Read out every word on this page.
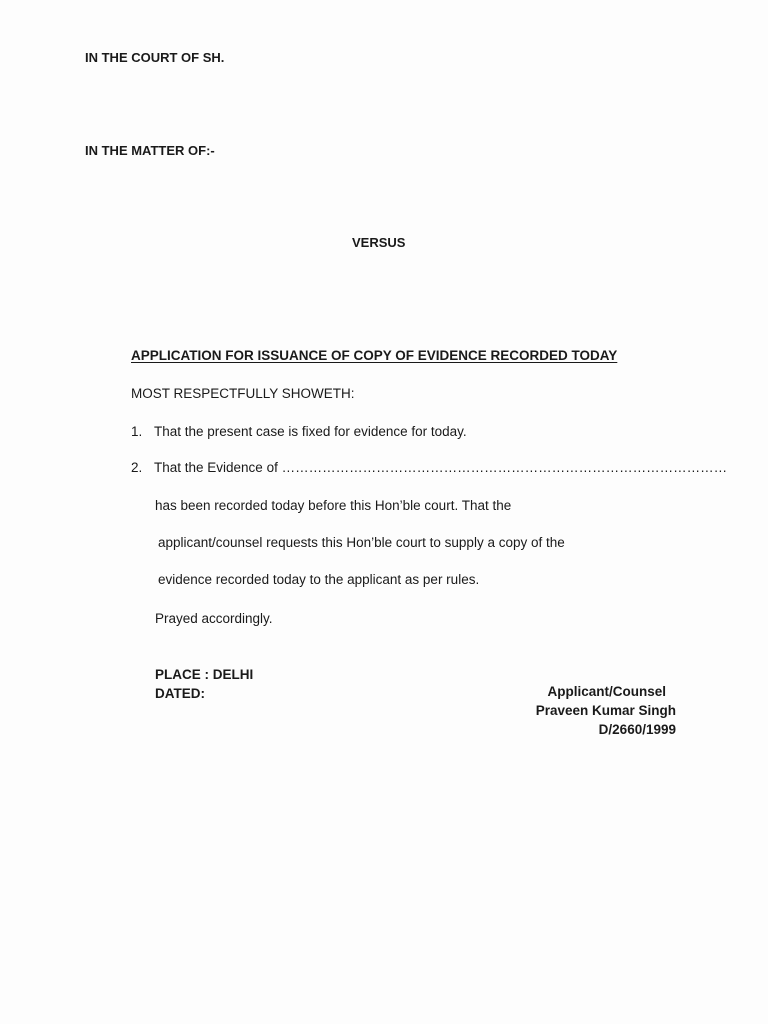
IN THE COURT OF SH.
IN THE MATTER OF:-
VERSUS
APPLICATION FOR ISSUANCE OF COPY OF EVIDENCE RECORDED TODAY
MOST RESPECTFULLY SHOWETH:
1. That the present case is fixed for evidence for today.
2. That the Evidence of ………………………………………………………………………………………
has been recorded today before this Hon’ble court. That the
applicant/counsel requests this Hon’ble court to supply a copy of the
evidence recorded today to the applicant as per rules.
Prayed accordingly.
PLACE : DELHI
DATED:	Applicant/Counsel
Praveen Kumar Singh
D/2660/1999
